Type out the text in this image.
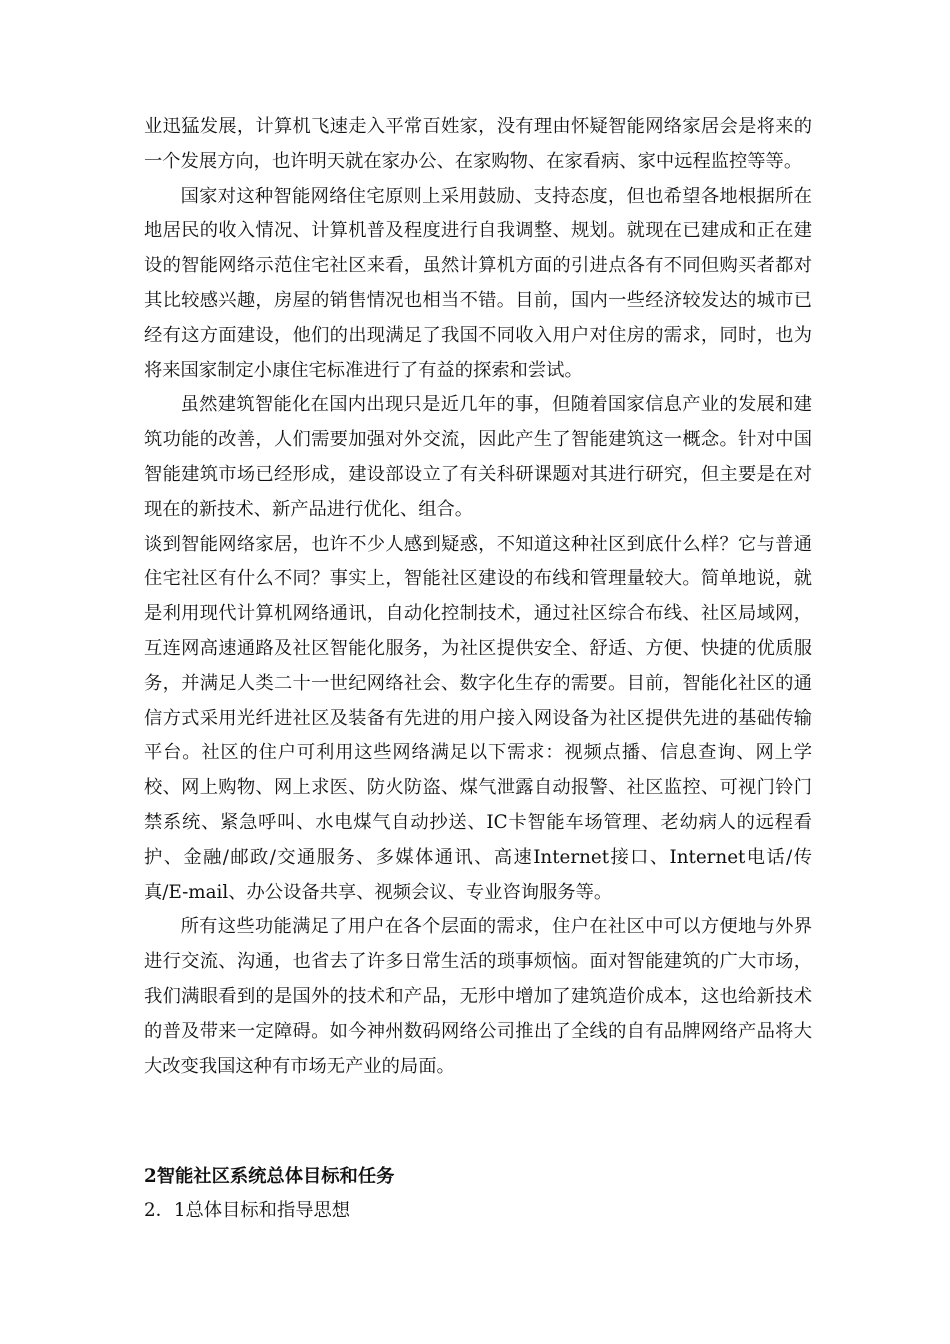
业迅猛发展，计算机飞速走入平常百姓家，没有理由怀疑智能网络家居会是将来的一个发展方向，也许明天就在家办公、在家购物、在家看病、家中远程监控等等。

国家对这种智能网络住宅原则上采用鼓励、支持态度，但也希望各地根据所在地居民的收入情况、计算机普及程度进行自我调整、规划。就现在已建成和正在建设的智能网络示范住宅社区来看，虽然计算机方面的引进点各有不同但购买者都对其比较感兴趣，房屋的销售情况也相当不错。目前，国内一些经济较发达的城市已经有这方面建设，他们的出现满足了我国不同收入用户对住房的需求，同时，也为将来国家制定小康住宅标准进行了有益的探索和尝试。

虽然建筑智能化在国内出现只是近几年的事，但随着国家信息产业的发展和建筑功能的改善，人们需要加强对外交流，因此产生了智能建筑这一概念。针对中国智能建筑市场已经形成，建设部设立了有关科研课题对其进行研究，但主要是在对现在的新技术、新产品进行优化、组合。

谈到智能网络家居，也许不少人感到疑惑，不知道这种社区到底什么样？它与普通住宅社区有什么不同？事实上，智能社区建设的布线和管理量较大。简单地说，就是利用现代计算机网络通讯，自动化控制技术，通过社区综合布线、社区局域网，互连网高速通路及社区智能化服务，为社区提供安全、舒适、方便、快捷的优质服务，并满足人类二十一世纪网络社会、数字化生存的需要。目前，智能化社区的通信方式采用光纤进社区及装备有先进的用户接入网设备为社区提供先进的基础传输平台。社区的住户可利用这些网络满足以下需求：视频点播、信息查询、网上学校、网上购物、网上求医、防火防盗、煤气泄露自动报警、社区监控、可视门铃门禁系统、紧急呼叫、水电煤气自动抄送、IC卡智能车场管理、老幼病人的远程看护、金融/邮政/交通服务、多媒体通讯、高速Internet接口、Internet电话/传真/E-mail、办公设备共享、视频会议、专业咨询服务等。

所有这些功能满足了用户在各个层面的需求，住户在社区中可以方便地与外界进行交流、沟通，也省去了许多日常生活的琐事烦恼。面对智能建筑的广大市场，我们满眼看到的是国外的技术和产品，无形中增加了建筑造价成本，这也给新技术的普及带来一定障碍。如今神州数码网络公司推出了全线的自有品牌网络产品将大大改变我国这种有市场无产业的局面。

2智能社区系统总体目标和任务
2．1总体目标和指导思想
